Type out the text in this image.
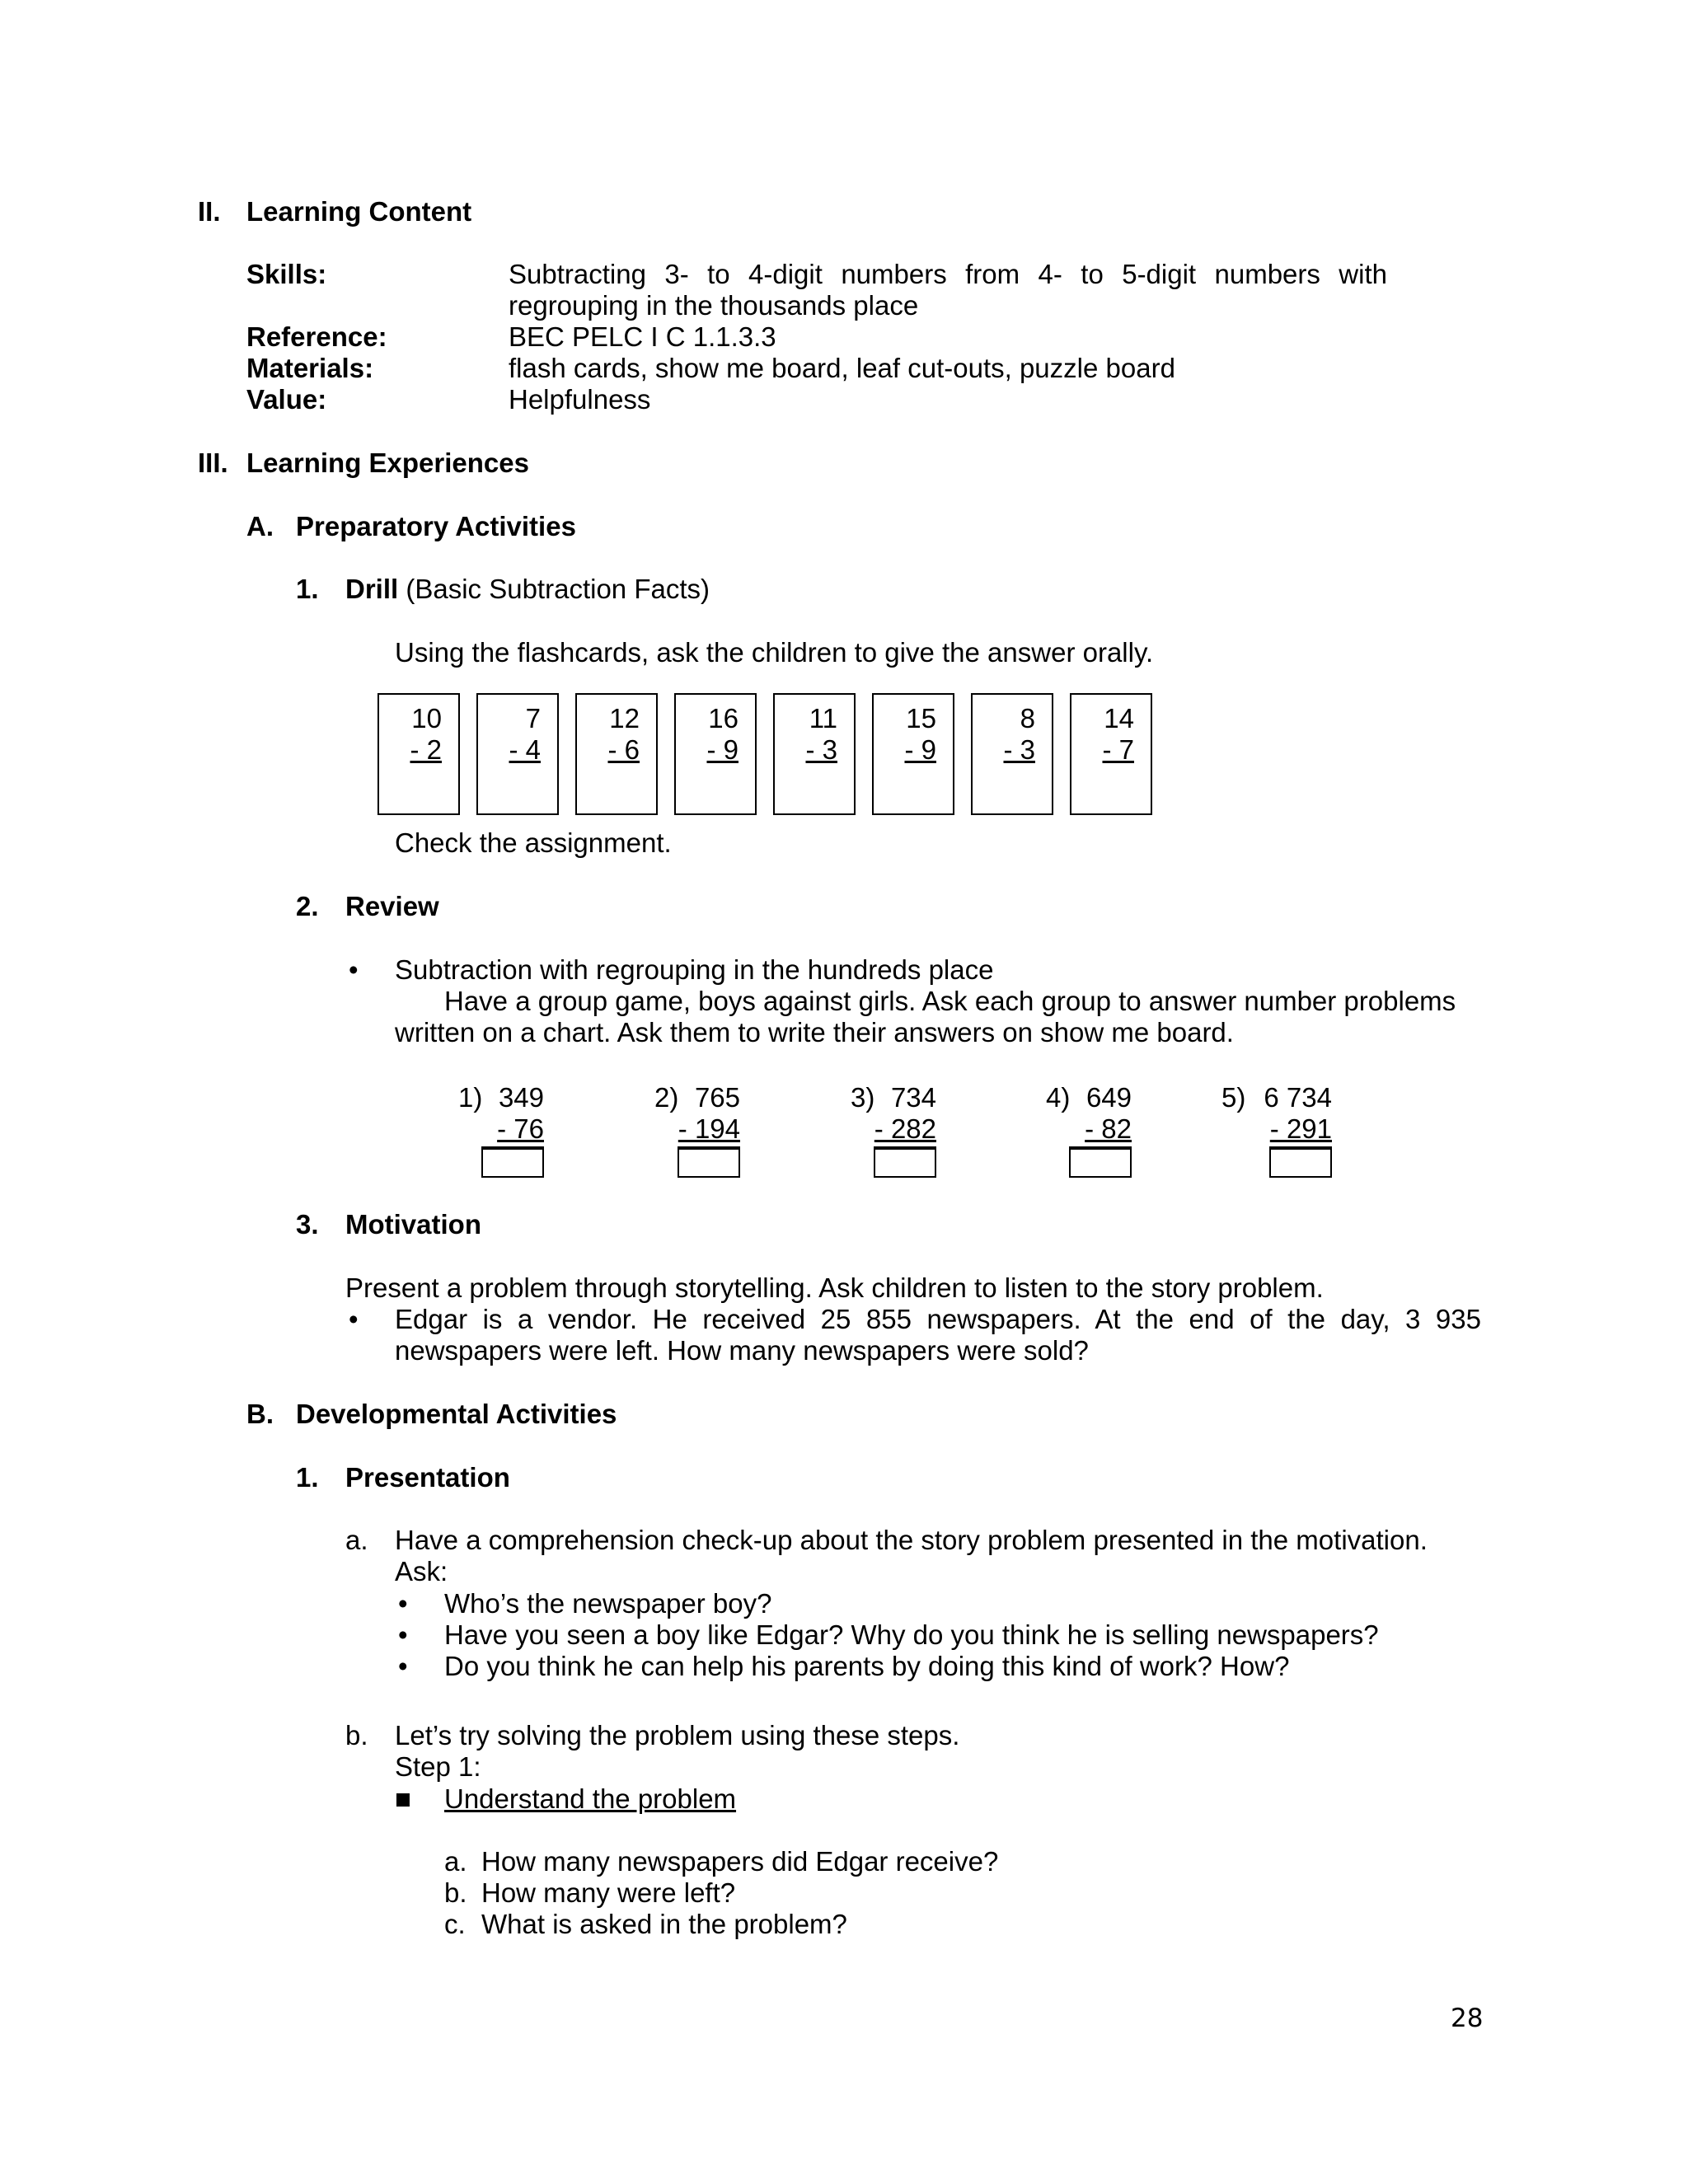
II. Learning Content
Skills:	Subtracting 3- to 4-digit numbers from 4- to 5-digit numbers with
regrouping in the thousands place
Reference:	BEC PELC I C 1.1.3.3
Materials:	flash cards, show me board, leaf cut-outs, puzzle board
Value:	Helpfulness
III. Learning Experiences
A. Preparatory Activities
1. Drill (Basic Subtraction Facts)
Using the flashcards, ask the children to give the answer orally.
10
- 2
7
- 4
12
- 6
16
- 9
11
- 3
15
- 9
8
- 3
14
- 7
Check the assignment.
2. Review
• Subtraction with regrouping in the hundreds place
Have a group game, boys against girls. Ask each group to answer number problems
written on a chart. Ask them to write their answers on show me board.
1) 349
- 76
2) 765
- 194
3) 734
- 282
4) 649
- 82
5) 6 734
- 291
3. Motivation
Present a problem through storytelling. Ask children to listen to the story problem.
• Edgar is a vendor. He received 25 855 newspapers. At the end of the day, 3 935
newspapers were left. How many newspapers were sold?
B. Developmental Activities
1. Presentation
a. Have a comprehension check-up about the story problem presented in the motivation.
Ask:
• Who’s the newspaper boy?
• Have you seen a boy like Edgar? Why do you think he is selling newspapers?
• Do you think he can help his parents by doing this kind of work? How?
b. Let’s try solving the problem using these steps.
Step 1:
■ Understand the problem
a. How many newspapers did Edgar receive?
b. How many were left?
c. What is asked in the problem?
28
